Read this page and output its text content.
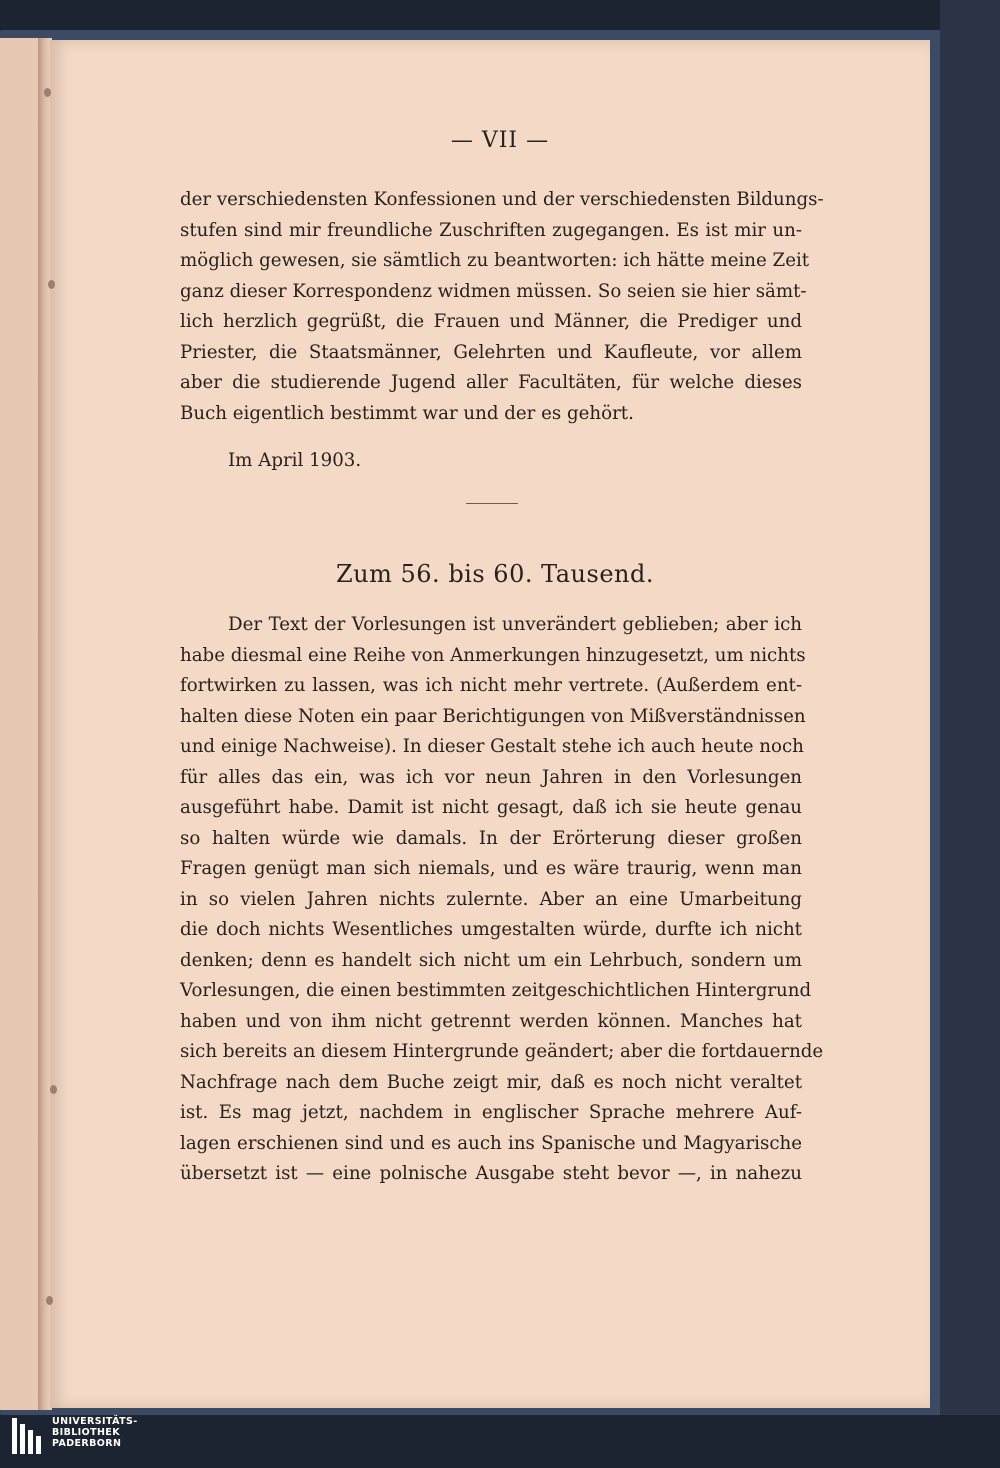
— VII —
der verschiedensten Konfessionen und der verschiedensten Bildungs-
stufen sind mir freundliche Zuschriften zugegangen. Es ist mir un-
möglich gewesen, sie sämtlich zu beantworten: ich hätte meine Zeit
ganz dieser Korrespondenz widmen müssen. So seien sie hier sämt-
lich herzlich gegrüßt, die Frauen und Männer, die Prediger und
Priester, die Staatsmänner, Gelehrten und Kaufleute, vor allem
aber die studierende Jugend aller Facultäten, für welche dieses
Buch eigentlich bestimmt war und der es gehört.
Im April 1903.
Zum 56. bis 60. Tausend.
Der Text der Vorlesungen ist unverändert geblieben; aber ich
habe diesmal eine Reihe von Anmerkungen hinzugesetzt, um nichts
fortwirken zu lassen, was ich nicht mehr vertrete. (Außerdem ent-
halten diese Noten ein paar Berichtigungen von Mißverständnissen
und einige Nachweise). In dieser Gestalt stehe ich auch heute noch
für alles das ein, was ich vor neun Jahren in den Vorlesungen
ausgeführt habe. Damit ist nicht gesagt, daß ich sie heute genau
so halten würde wie damals. In der Erörterung dieser großen
Fragen genügt man sich niemals, und es wäre traurig, wenn man
in so vielen Jahren nichts zulernte. Aber an eine Umarbeitung
die doch nichts Wesentliches umgestalten würde, durfte ich nicht
denken; denn es handelt sich nicht um ein Lehrbuch, sondern um
Vorlesungen, die einen bestimmten zeitgeschichtlichen Hintergrund
haben und von ihm nicht getrennt werden können. Manches hat
sich bereits an diesem Hintergrunde geändert; aber die fortdauernde
Nachfrage nach dem Buche zeigt mir, daß es noch nicht veraltet
ist. Es mag jetzt, nachdem in englischer Sprache mehrere Auf-
lagen erschienen sind und es auch ins Spanische und Magyarische
übersetzt ist — eine polnische Ausgabe steht bevor —, in nahezu
UNIVERSITÄTS-
BIBLIOTHEK
PADERBORN
